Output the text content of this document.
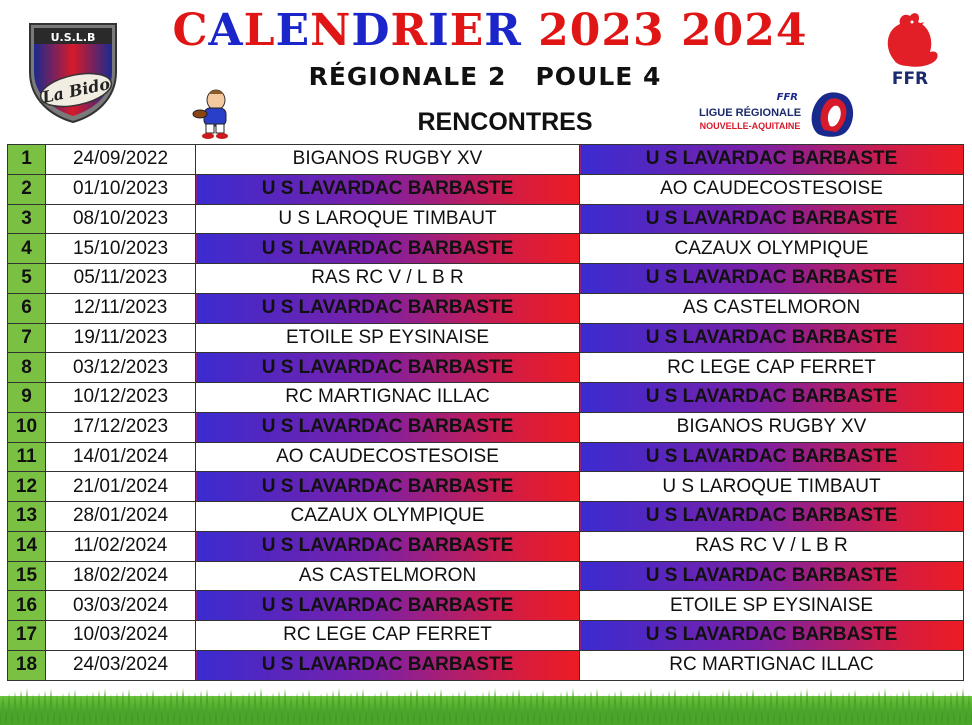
U.S.L.B
La Bido
CALENDRIER 2023 2024
RÉGIONALE 2   POULE 4
RENCONTRES
FFR
FFR
LIGUE RÉGIONALE
NOUVELLE-AQUITAINE
1	24/09/2022	BIGANOS RUGBY XV	U S LAVARDAC BARBASTE
2	01/10/2023	U S LAVARDAC BARBASTE	AO CAUDECOSTESOISE
3	08/10/2023	U S LAROQUE TIMBAUT	U S LAVARDAC BARBASTE
4	15/10/2023	U S LAVARDAC BARBASTE	CAZAUX OLYMPIQUE
5	05/11/2023	RAS RC V / L B R	U S LAVARDAC BARBASTE
6	12/11/2023	U S LAVARDAC BARBASTE	AS CASTELMORON
7	19/11/2023	ETOILE SP EYSINAISE	U S LAVARDAC BARBASTE
8	03/12/2023	U S LAVARDAC BARBASTE	RC LEGE CAP FERRET
9	10/12/2023	RC MARTIGNAC ILLAC	U S LAVARDAC BARBASTE
10	17/12/2023	U S LAVARDAC BARBASTE	BIGANOS RUGBY XV
11	14/01/2024	AO CAUDECOSTESOISE	U S LAVARDAC BARBASTE
12	21/01/2024	U S LAVARDAC BARBASTE	U S LAROQUE TIMBAUT
13	28/01/2024	CAZAUX OLYMPIQUE	U S LAVARDAC BARBASTE
14	11/02/2024	U S LAVARDAC BARBASTE	RAS RC V / L B R
15	18/02/2024	AS CASTELMORON	U S LAVARDAC BARBASTE
16	03/03/2024	U S LAVARDAC BARBASTE	ETOILE SP EYSINAISE
17	10/03/2024	RC LEGE CAP FERRET	U S LAVARDAC BARBASTE
18	24/03/2024	U S LAVARDAC BARBASTE	RC MARTIGNAC ILLAC
